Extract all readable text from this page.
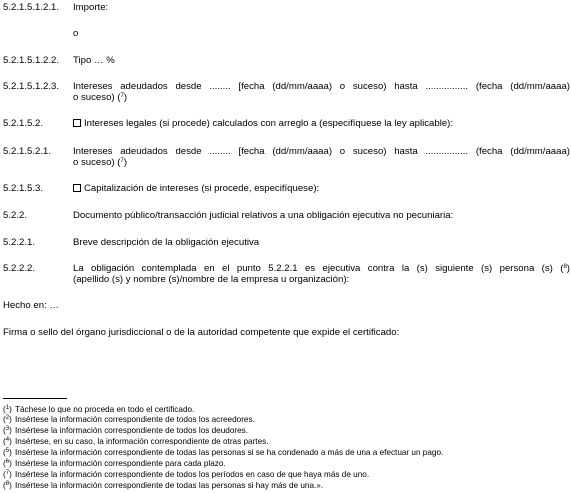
5.2.1.5.1.2.1. Importe:
o
5.2.1.5.1.2.2. Tipo … %
5.2.1.5.1.2.3. Intereses adeudados desde ........ [fecha (dd/mm/aaaa) o suceso) hasta ................ (fecha (dd/mm/aaaa)
o suceso) ($^7$)
5.2.1.5.2.	Intereses legales (si procede) calculados con arreglo a (especifíquese la ley aplicable):
5.2.1.5.2.1. Intereses adeudados desde ........ [fecha (dd/mm/aaaa) o suceso) hasta ................ (fecha (dd/mm/aaaa)
o suceso) ($^7$)
5.2.1.5.3.	Capitalización de intereses (si procede, especifíquese):
5.2.2.	Documento público/transacción judicial relativos a una obligación ejecutiva no pecuniaria:
5.2.2.1.	Breve descripción de la obligación ejecutiva
5.2.2.2.	La obligación contemplada en el punto 5.2.2.1 es ejecutiva contra la (s) siguiente (s) persona (s) ($^8$)
(apellido (s) y nombre (s)/nombre de la empresa u organización):
Hecho en: …
Firma o sello del órgano jurisdiccional o de la autoridad competente que expide el certificado:
($^1$) Táchese lo que no proceda en todo el certificado.
($^2$) Insértese la información correspondiente de todos los acreedores.
($^3$) Insértese la información correspondiente de todos los deudores.
($^4$) Insértese, en su caso, la información correspondiente de otras partes.
($^5$) Insértese la información correspondiente de todas las personas si se ha condenado a más de una a efectuar un pago.
($^6$) Insértese la información correspondiente para cada plazo.
($^7$) Insértese la información correspondiente de todos los períodos en caso de que haya más de uno.
($^8$) Insértese la información correspondiente de todas las personas si hay más de una.».
